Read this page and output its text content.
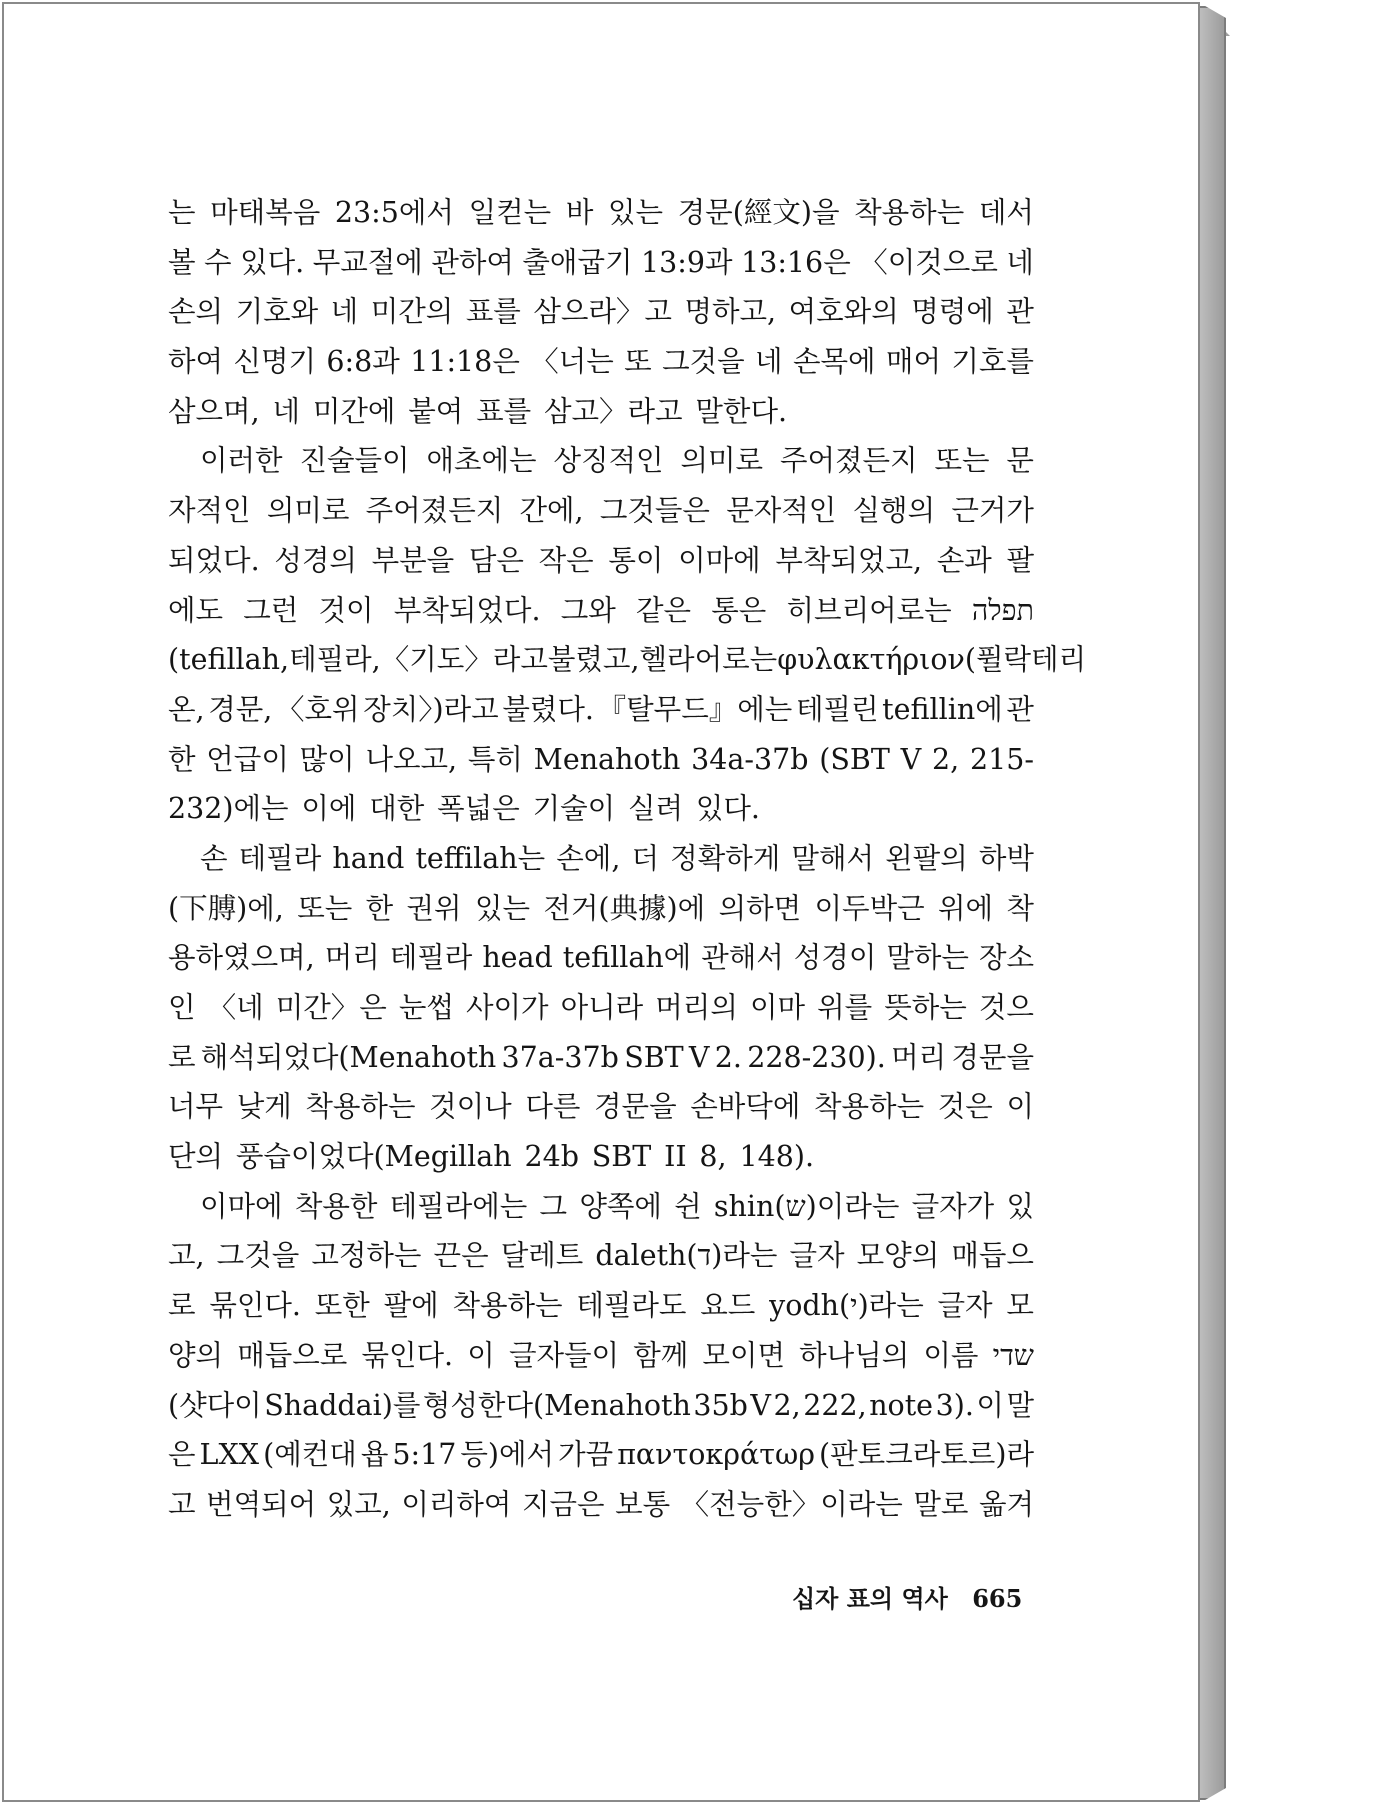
는 마태복음 23:5에서 일컫는 바 있는 경문(經文)을 착용하는 데서
볼 수 있다. 무교절에 관하여 출애굽기 13:9과 13:16은 〈이것으로 네
손의 기호와 네 미간의 표를 삼으라〉고 명하고, 여호와의 명령에 관
하여 신명기 6:8과 11:18은 〈너는 또 그것을 네 손목에 매어 기호를
삼으며, 네 미간에 붙여 표를 삼고〉라고 말한다.
이러한 진술들이 애초에는 상징적인 의미로 주어졌든지 또는 문
자적인 의미로 주어졌든지 간에, 그것들은 문자적인 실행의 근거가
되었다. 성경의 부분을 담은 작은 통이 이마에 부착되었고, 손과 팔
에도 그런 것이 부착되었다. 그와 같은 통은 히브리어로는 תפלה
(tefillah, 테필라, 〈기도〉라고 불렸고, 헬라어로는 φυλακτήριον (퓔락테리
온, 경문, 〈호위 장치〉)라고 불렸다. 『탈무드』에는 테필린 tefillin에 관
한 언급이 많이 나오고, 특히 Menahoth 34a-37b (SBT V 2, 215-
232)에는 이에 대한 폭넓은 기술이 실려 있다.
손 테필라 hand teffilah는 손에, 더 정확하게 말해서 왼팔의 하박
(下膊)에, 또는 한 권위 있는 전거(典據)에 의하면 이두박근 위에 착
용하였으며, 머리 테필라 head tefillah에 관해서 성경이 말하는 장소
인 〈네 미간〉은 눈썹 사이가 아니라 머리의 이마 위를 뜻하는 것으
로 해석되었다(Menahoth 37a-37b SBT V 2. 228-230). 머리 경문을
너무 낮게 착용하는 것이나 다른 경문을 손바닥에 착용하는 것은 이
단의 풍습이었다(Megillah 24b SBT II 8, 148).
이마에 착용한 테필라에는 그 양쪽에 쉰 shin(ש)이라는 글자가 있
고, 그것을 고정하는 끈은 달레트 daleth(ד)라는 글자 모양의 매듭으
로 묶인다. 또한 팔에 착용하는 테필라도 요드 yodh(י)라는 글자 모
양의 매듭으로 묶인다. 이 글자들이 함께 모이면 하나님의 이름 שדי
(샷다이 Shaddai)를 형성한다(Menahoth 35b V 2, 222, note 3). 이 말
은 LXX (예컨대 욥 5:17 등)에서 가끔 παντοκράτωρ (판토크라토르)라
고 번역되어 있고, 이리하여 지금은 보통 〈전능한〉이라는 말로 옮겨
십자 표의 역사 665
